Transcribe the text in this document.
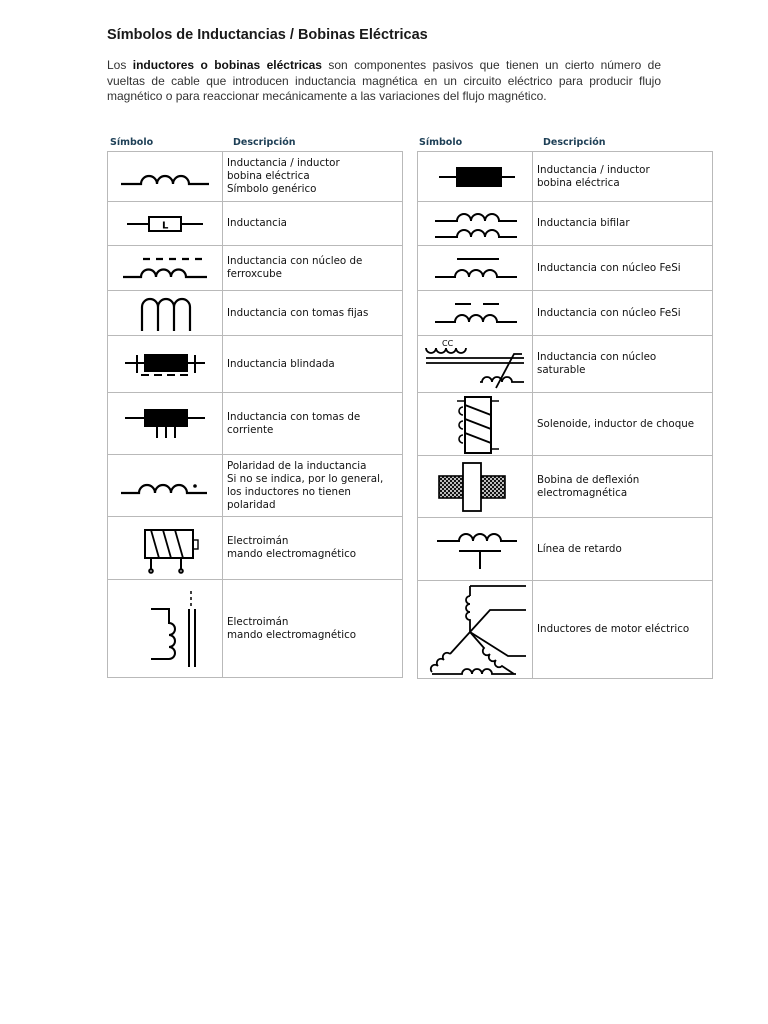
Símbolos de Inductancias / Bobinas Eléctricas

Los inductores o bobinas eléctricas son componentes pasivos que tienen un cierto número de vueltas de cable que introducen inductancia magnética en un circuito eléctrico para producir flujo magnético o para reaccionar mecánicamente a las variaciones del flujo magnético.

Símbolo	Descripción	Símbolo	Descripción

Inductancia / inductor
bobina eléctrica
Símbolo genérico

L	Inductancia

Inductancia con núcleo de
ferroxcube

Inductancia con tomas fijas

Inductancia blindada

Inductancia con tomas de
corriente

Polaridad de la inductancia
Si no se indica, por lo general,
los inductores no tienen
polaridad

Electroimán
mando electromagnético

Electroimán
mando electromagnético

Inductancia / inductor
bobina eléctrica

Inductancia bifilar

Inductancia con núcleo FeSi

Inductancia con núcleo FeSi

CC	Inductancia con núcleo
saturable

Solenoide, inductor de choque

Bobina de deflexión
electromagnética

Línea de retardo

Inductores de motor eléctrico
